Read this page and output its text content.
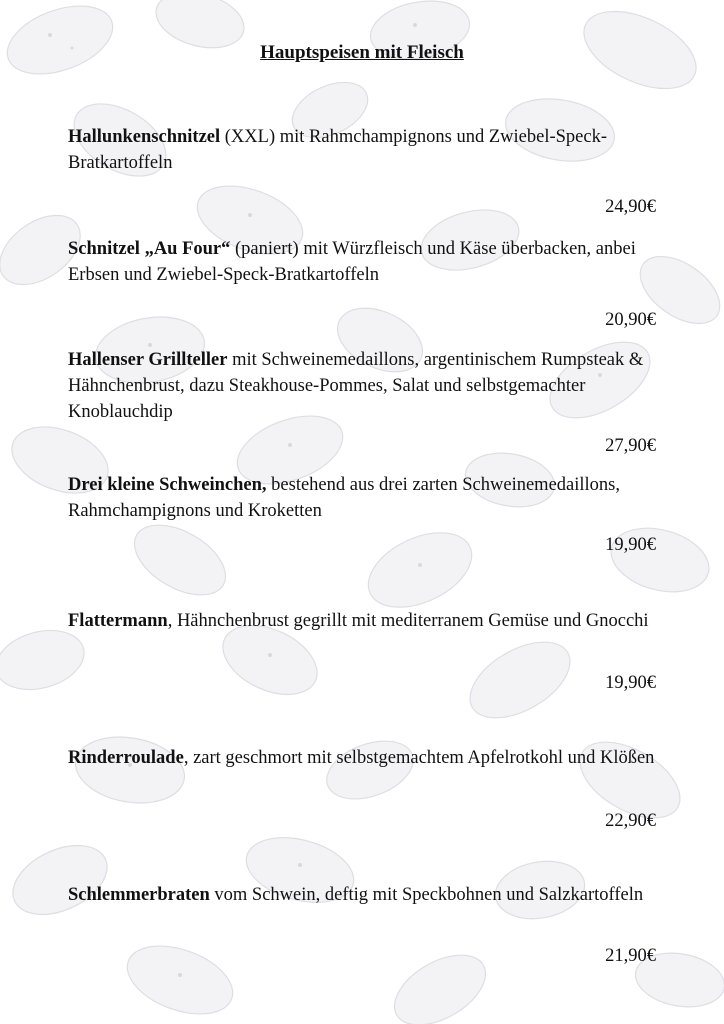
Hauptspeisen mit Fleisch
Hallunkenschnitzel (XXL) mit Rahmchampignons und Zwiebel-Speck-Bratkartoffeln
24,90€
Schnitzel „Au Four“ (paniert) mit Würzfleisch und Käse überbacken, anbei Erbsen und Zwiebel-Speck-Bratkartoffeln
20,90€
Hallenser Grillteller mit Schweinemedaillons, argentinischem Rumpsteak & Hähnchenbrust, dazu Steakhouse-Pommes, Salat und selbstgemachter Knoblauchdip
27,90€
Drei kleine Schweinchen, bestehend aus drei zarten Schweinemedaillons, Rahmchampignons und Kroketten
19,90€
Flattermann, Hähnchenbrust gegrillt mit mediterranem Gemüse und Gnocchi
19,90€
Rinderroulade, zart geschmort mit selbstgemachtem Apfelrotkohl und Klößen
22,90€
Schlemmerbraten vom Schwein, deftig mit Speckbohnen und Salzkartoffeln
21,90€
